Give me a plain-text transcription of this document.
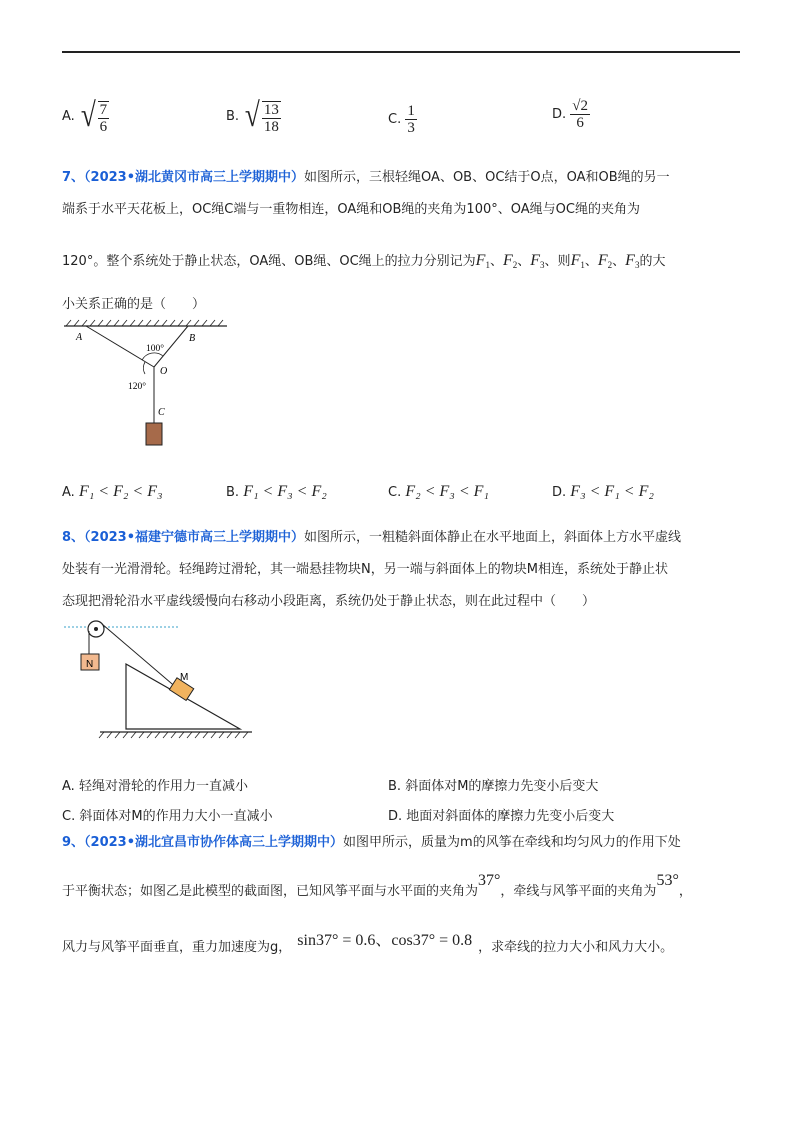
A. √ $\frac{7}{6}$	B. √ $\frac{13}{18}$	C. $\frac{1}{3}$	D. $\frac{√2}{6}$
7、（2023•湖北黄冈市高三上学期期中）如图所示，三根轻绳OA、OB、OC结于O点，OA和OB绳的另一
端系于水平天花板上，OC绳C端与一重物相连，OA绳和OB绳的夹角为100°、OA绳与OC绳的夹角为
120°。整个系统处于静止状态，OA绳、OB绳、OC绳上的拉力分别记为$F_1$、$F_2$、$F_3$、则$F_1$、$F_2$、$F_3$的大
小关系正确的是（　　）
A	B
O
C
100°
120°
A. F₁ < F₂ < F₃	B. F₁ < F₃ < F₂	C. F₂ < F₃ < F₁	D. F₃ < F₁ < F₂
8、（2023•福建宁德市高三上学期期中）如图所示，一粗糙斜面体静止在水平地面上，斜面体上方水平虚线
处装有一光滑滑轮。轻绳跨过滑轮，其一端悬挂物块N，另一端与斜面体上的物块M相连，系统处于静止状
态现把滑轮沿水平虚线缓慢向右移动小段距离，系统仍处于静止状态，则在此过程中（　　）
N
M
A. 轻绳对滑轮的作用力一直减小	B. 斜面体对M的摩擦力先变小后变大
C. 斜面体对M的作用力大小一直减小	D. 地面对斜面体的摩擦力先变小后变大
9、（2023•湖北宜昌市协作体高三上学期期中）如图甲所示，质量为m的风筝在牵线和均匀风力的作用下处
于平衡状态；如图乙是此模型的截面图，已知风筝平面与水平面的夹角为37°，牵线与风筝平面的夹角为53°，
风力与风筝平面垂直，重力加速度为g， sin37° = 0.6、cos37° = 0.8 ，求牵线的拉力大小和风力大小。
